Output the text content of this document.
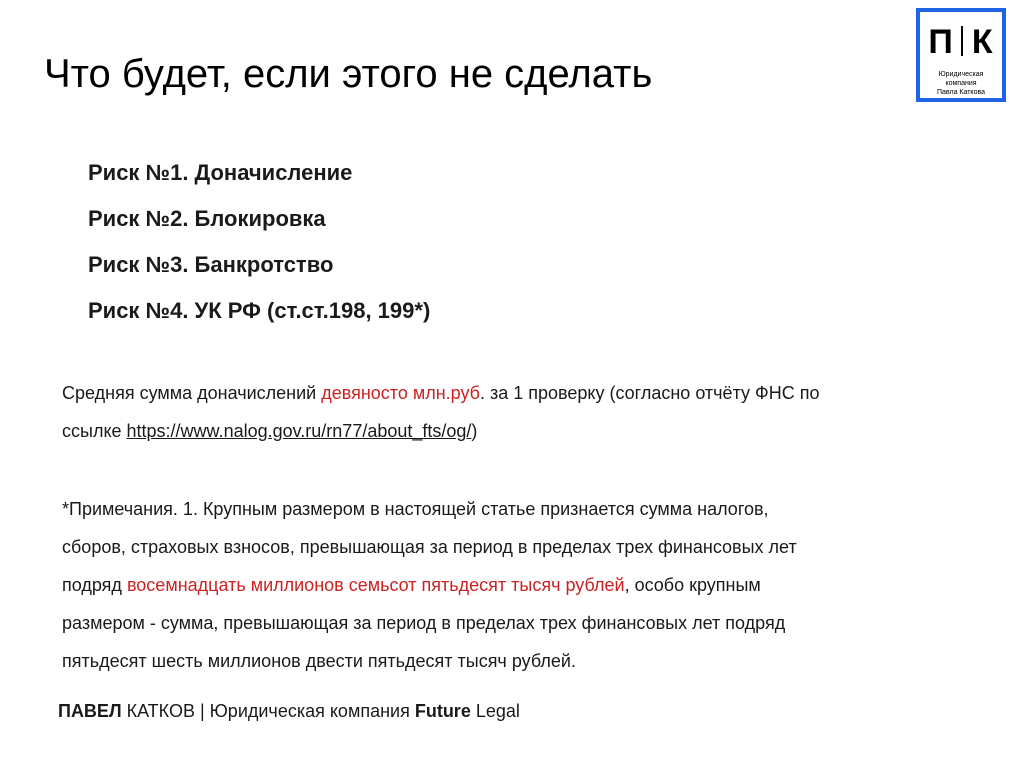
Что будет, если этого не сделать
П К
Юридическая
компания
Павла Каткова
Риск №1. Доначисление
Риск №2. Блокировка
Риск №3. Банкротство
Риск №4. УК РФ (ст.ст.198, 199*)
Средняя сумма доначислений девяносто млн.руб. за 1 проверку (согласно отчёту ФНС по
ссылке https://www.nalog.gov.ru/rn77/about_fts/og/)
*Примечания. 1. Крупным размером в настоящей статье признается сумма налогов,
сборов, страховых взносов, превышающая за период в пределах трех финансовых лет
подряд восемнадцать миллионов семьсот пятьдесят тысяч рублей, особо крупным
размером - сумма, превышающая за период в пределах трех финансовых лет подряд
пятьдесят шесть миллионов двести пятьдесят тысяч рублей.
ПАВЕЛ КАТКОВ | Юридическая компания Future Legal
